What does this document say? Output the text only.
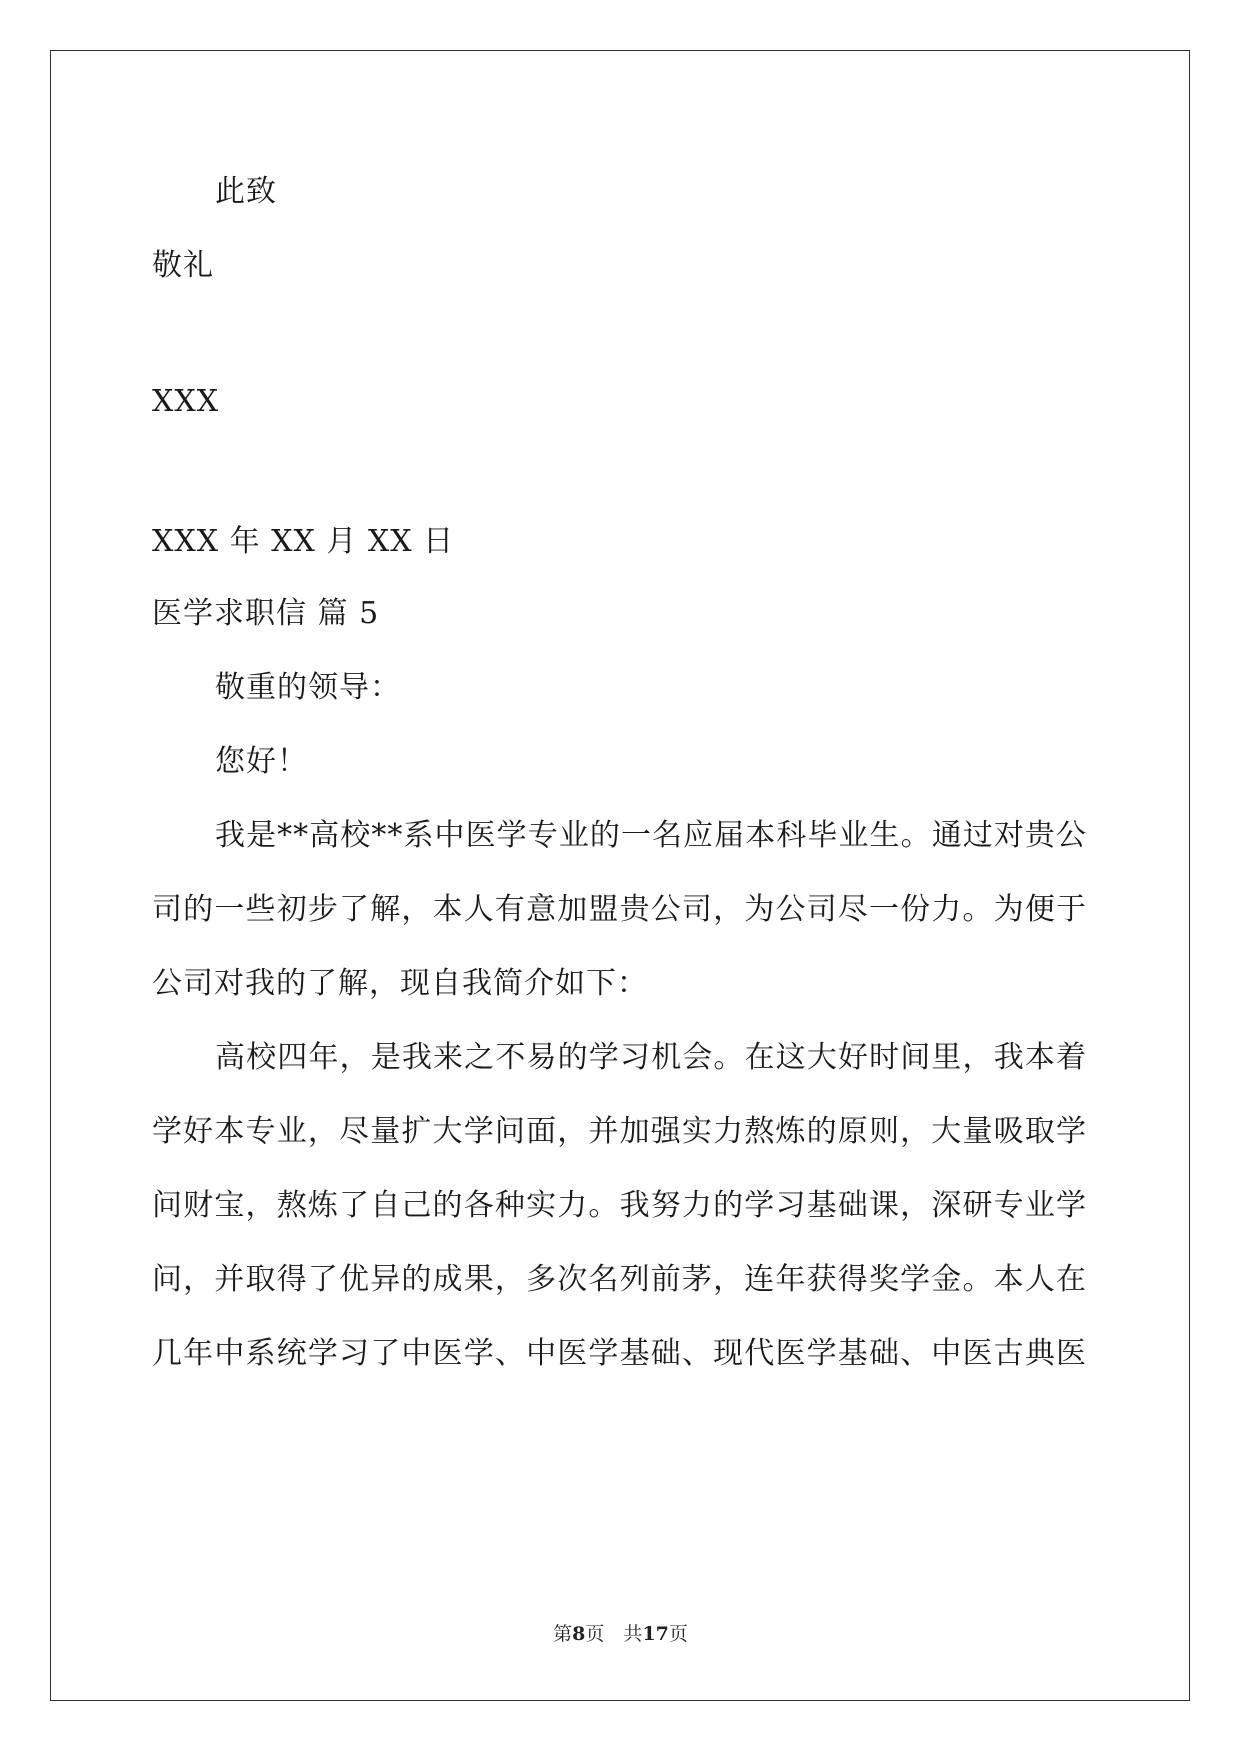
此致
敬礼
XXX
XXX 年 XX 月 XX 日
医学求职信 篇 5
敬重的领导：
您好！
我是**高校**系中医学专业的一名应届本科毕业生。通过对贵公
司的一些初步了解，本人有意加盟贵公司，为公司尽一份力。为便于
公司对我的了解，现自我简介如下：
高校四年，是我来之不易的学习机会。在这大好时间里，我本着
学好本专业，尽量扩大学问面，并加强实力熬炼的原则，大量吸取学
问财宝，熬炼了自己的各种实力。我努力的学习基础课，深研专业学
问，并取得了优异的成果，多次名列前茅，连年获得奖学金。本人在
几年中系统学习了中医学、中医学基础、现代医学基础、中医古典医
第8页　 共17页
